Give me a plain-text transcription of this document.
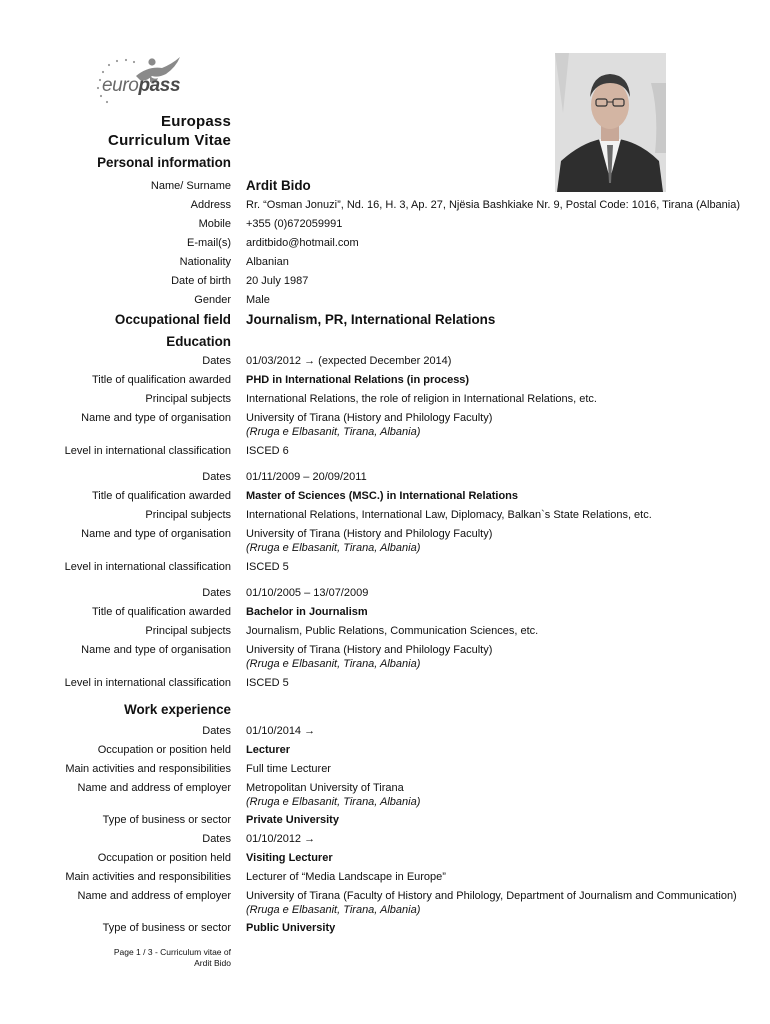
europass
Europass
Curriculum Vitae
Personal information
Name/ Surname Ardit Bido
Address Rr. “Osman Jonuzi”, Nd. 16, H. 3, Ap. 27, Njësia Bashkiake Nr. 9, Postal Code: 1016, Tirana (Albania)
Mobile +355 (0)672059991
E-mail(s) arditbido@hotmail.com
Nationality Albanian
Date of birth 20 July 1987
Gender Male
Occupational field Journalism, PR, International Relations
Education
Dates 01/03/2012 → (expected December 2014)
Title of qualification awarded PHD in International Relations (in process)
Principal subjects International Relations, the role of religion in International Relations, etc.
Name and type of organisation University of Tirana (History and Philology Faculty)
(Rruga e Elbasanit, Tirana, Albania)
Level in international classification ISCED 6
Dates 01/11/2009 – 20/09/2011
Title of qualification awarded Master of Sciences (MSC.) in International Relations
Principal subjects International Relations, International Law, Diplomacy, Balkan`s State Relations, etc.
Name and type of organisation University of Tirana (History and Philology Faculty)
(Rruga e Elbasanit, Tirana, Albania)
Level in international classification ISCED 5
Dates 01/10/2005 – 13/07/2009
Title of qualification awarded Bachelor in Journalism
Principal subjects Journalism, Public Relations, Communication Sciences, etc.
Name and type of organisation University of Tirana (History and Philology Faculty)
(Rruga e Elbasanit, Tirana, Albania)
Level in international classification ISCED 5
Work experience
Dates 01/10/2014 →
Occupation or position held Lecturer
Main activities and responsibilities Full time Lecturer
Name and address of employer Metropolitan University of Tirana
(Rruga e Elbasanit, Tirana, Albania)
Type of business or sector Private University
Dates 01/10/2012 →
Occupation or position held Visiting Lecturer
Main activities and responsibilities Lecturer of “Media Landscape in Europe”
Name and address of employer University of Tirana (Faculty of History and Philology, Department of Journalism and Communication)
(Rruga e Elbasanit, Tirana, Albania)
Type of business or sector Public University
Page 1 / 3 - Curriculum vitae of
Ardit Bido
